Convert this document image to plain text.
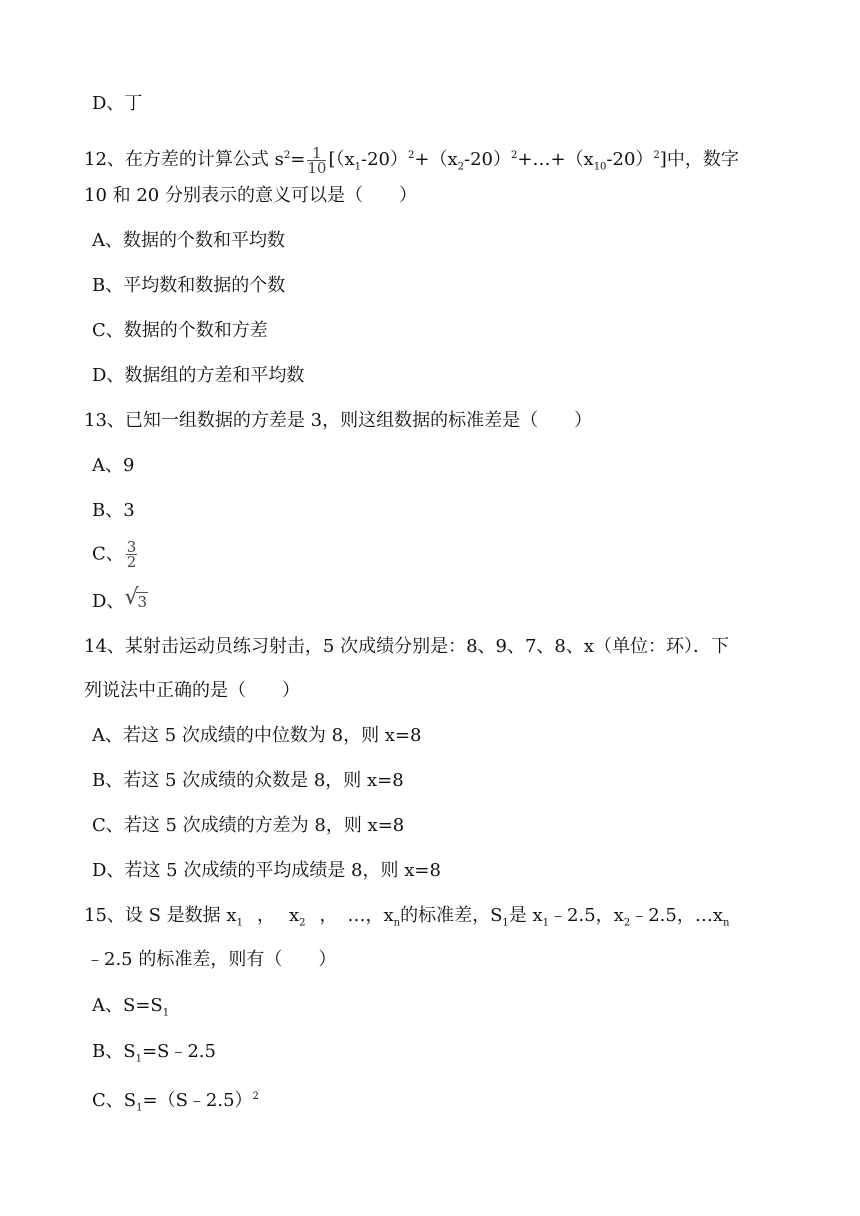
D、丁
12、在方差的计算公式 $s^2= \frac{1}{10}$ $[(x_1-20)^2+(x_2-20)^2+\dots+(x_{10}-20)^2]$中，数字
10 和 20 分别表示的意义可以是（　　）
A、数据的个数和平均数
B、平均数和数据的个数
C、数据的个数和方差
D、数据组的方差和平均数
13、已知一组数据的方差是 3，则这组数据的标准差是（　　）
A、9
B、3
C、 $\frac{3}{2}$
D、 √
3
14、某射击运动员练习射击，5 次成绩分别是：8、9、7、8、x（单位：环）．下
列说法中正确的是（　　）
A、若这 5 次成绩的中位数为 8，则 x=8
B、若这 5 次成绩的众数是 8，则 x=8
C、若这 5 次成绩的方差为 8，则 x=8
D、若这 5 次成绩的平均成绩是 8，则 x=8
15、设 S 是数据 $x_1$ ， $x_2$ ， …，$x_n$的标准差，$S_1$是 $x_1﹣2.5$，$x_2﹣2.5$，$\dots x_n$
﹣2.5 的标准差，则有（　　）
A、$S=S_1$
B、$S_1=S﹣2.5$
C、$S_1=(S﹣2.5)^2$
